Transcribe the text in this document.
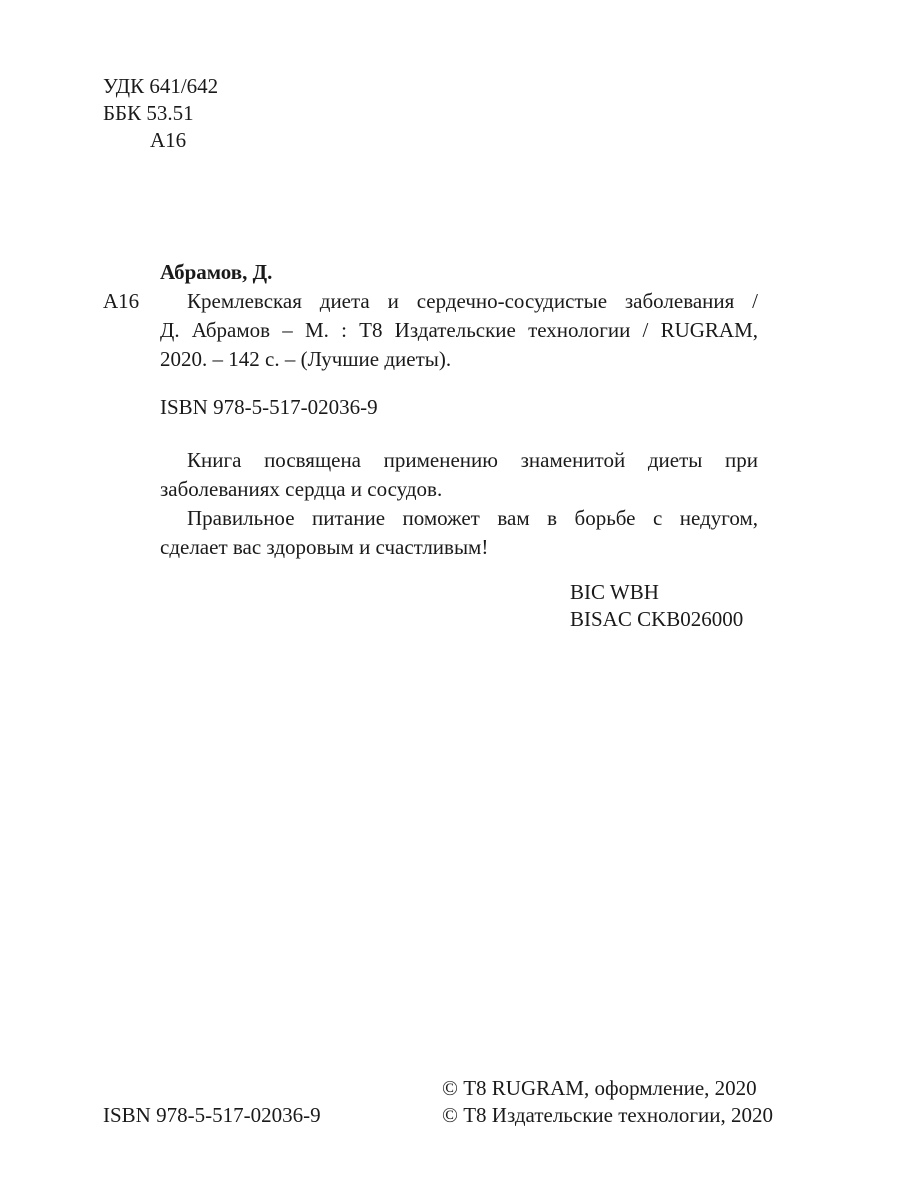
УДК 641/642
ББК 53.51
А16
Абрамов, Д.
А16	Кремлевская диета и сердечно-сосудистые заболевания /
Д. Абрамов – М. : Т8 Издательские технологии / RUGRAM,
2020. – 142 с. – (Лучшие диеты).
ISBN 978-5-517-02036-9
Книга посвящена применению знаменитой диеты при
заболеваниях сердца и сосудов.
Правильное питание поможет вам в борьбе с недугом,
сделает вас здоровым и счастливым!
BIC WBH
BISAC CKB026000
ISBN 978-5-517-02036-9
© Т8 RUGRAM, оформление, 2020
© Т8 Издательские технологии, 2020
